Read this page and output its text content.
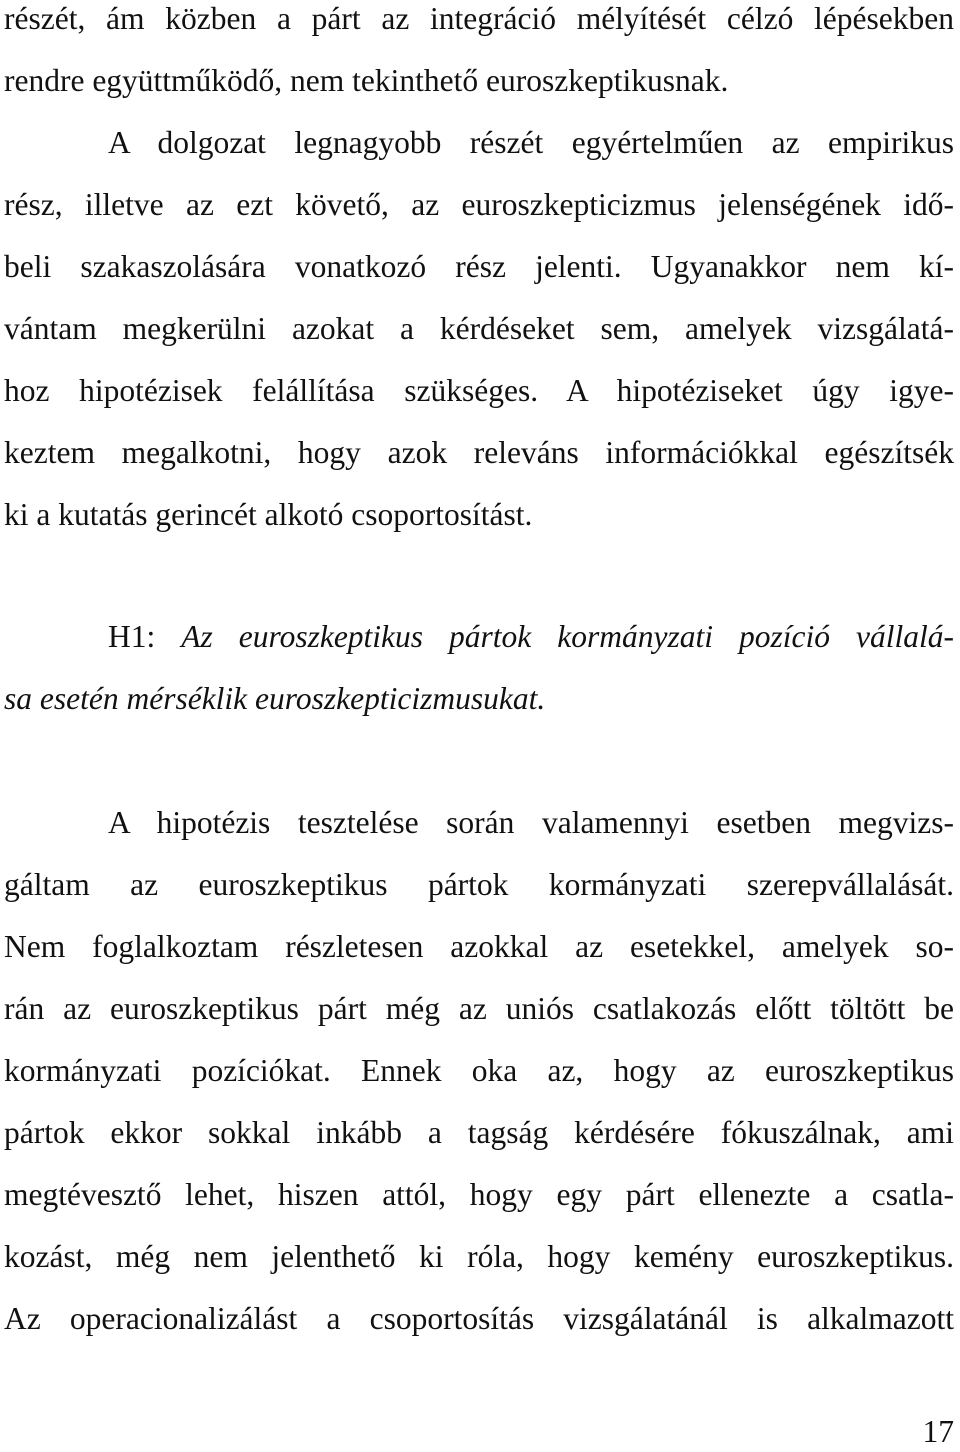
részét, ám közben a párt az integráció mélyítését célzó lépésekben
rendre együttműködő, nem tekinthető euroszkeptikusnak.
A dolgozat legnagyobb részét egyértelműen az empirikus
rész, illetve az ezt követő, az euroszkepticizmus jelenségének idő-
beli szakaszolására vonatkozó rész jelenti. Ugyanakkor nem kí-
vántam megkerülni azokat a kérdéseket sem, amelyek vizsgálatá-
hoz hipotézisek felállítása szükséges. A hipotéziseket úgy igye-
keztem megalkotni, hogy azok releváns információkkal egészítsék
ki a kutatás gerincét alkotó csoportosítást.
H1: Az euroszkeptikus pártok kormányzati pozíció vállalá-
sa esetén mérséklik euroszkepticizmusukat.
A hipotézis tesztelése során valamennyi esetben megvizs-
gáltam az euroszkeptikus pártok kormányzati szerepvállalását.
Nem foglalkoztam részletesen azokkal az esetekkel, amelyek so-
rán az euroszkeptikus párt még az uniós csatlakozás előtt töltött be
kormányzati pozíciókat. Ennek oka az, hogy az euroszkeptikus
pártok ekkor sokkal inkább a tagság kérdésére fókuszálnak, ami
megtévesztő lehet, hiszen attól, hogy egy párt ellenezte a csatla-
kozást, még nem jelenthető ki róla, hogy kemény euroszkeptikus.
Az operacionalizálást a csoportosítás vizsgálatánál is alkalmazott
17
